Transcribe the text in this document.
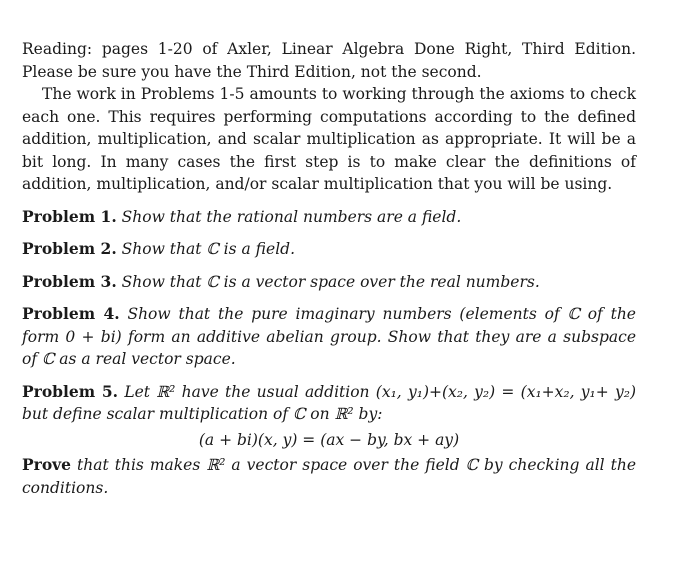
Reading: pages 1-20 of Axler, Linear Algebra Done Right, Third Edition. Please be sure you have the Third Edition, not the second.

The work in Problems 1-5 amounts to working through the axioms to check each one. This requires performing computations according to the defined addition, multiplication, and scalar multiplication as appropriate. It will be a bit long. In many cases the first step is to make clear the definitions of addition, multiplication, and/or scalar multiplication that you will be using.

Problem 1. Show that the rational numbers are a field.
Problem 2. Show that ℂ is a field.
Problem 3. Show that ℂ is a vector space over the real numbers.
Problem 4. Show that the pure imaginary numbers (elements of ℂ of the form 0 + bi) form an additive abelian group. Show that they are a subspace of ℂ as a real vector space.
Problem 5. Let ℝ² have the usual addition (x₁, y₁)+(x₂, y₂) = (x₁+x₂, y₁+ y₂) but define scalar multiplication of ℂ on ℝ² by:
(a + bi)(x, y) = (ax − by, bx + ay)
Prove that this makes ℝ² a vector space over the field ℂ by checking all the conditions.
